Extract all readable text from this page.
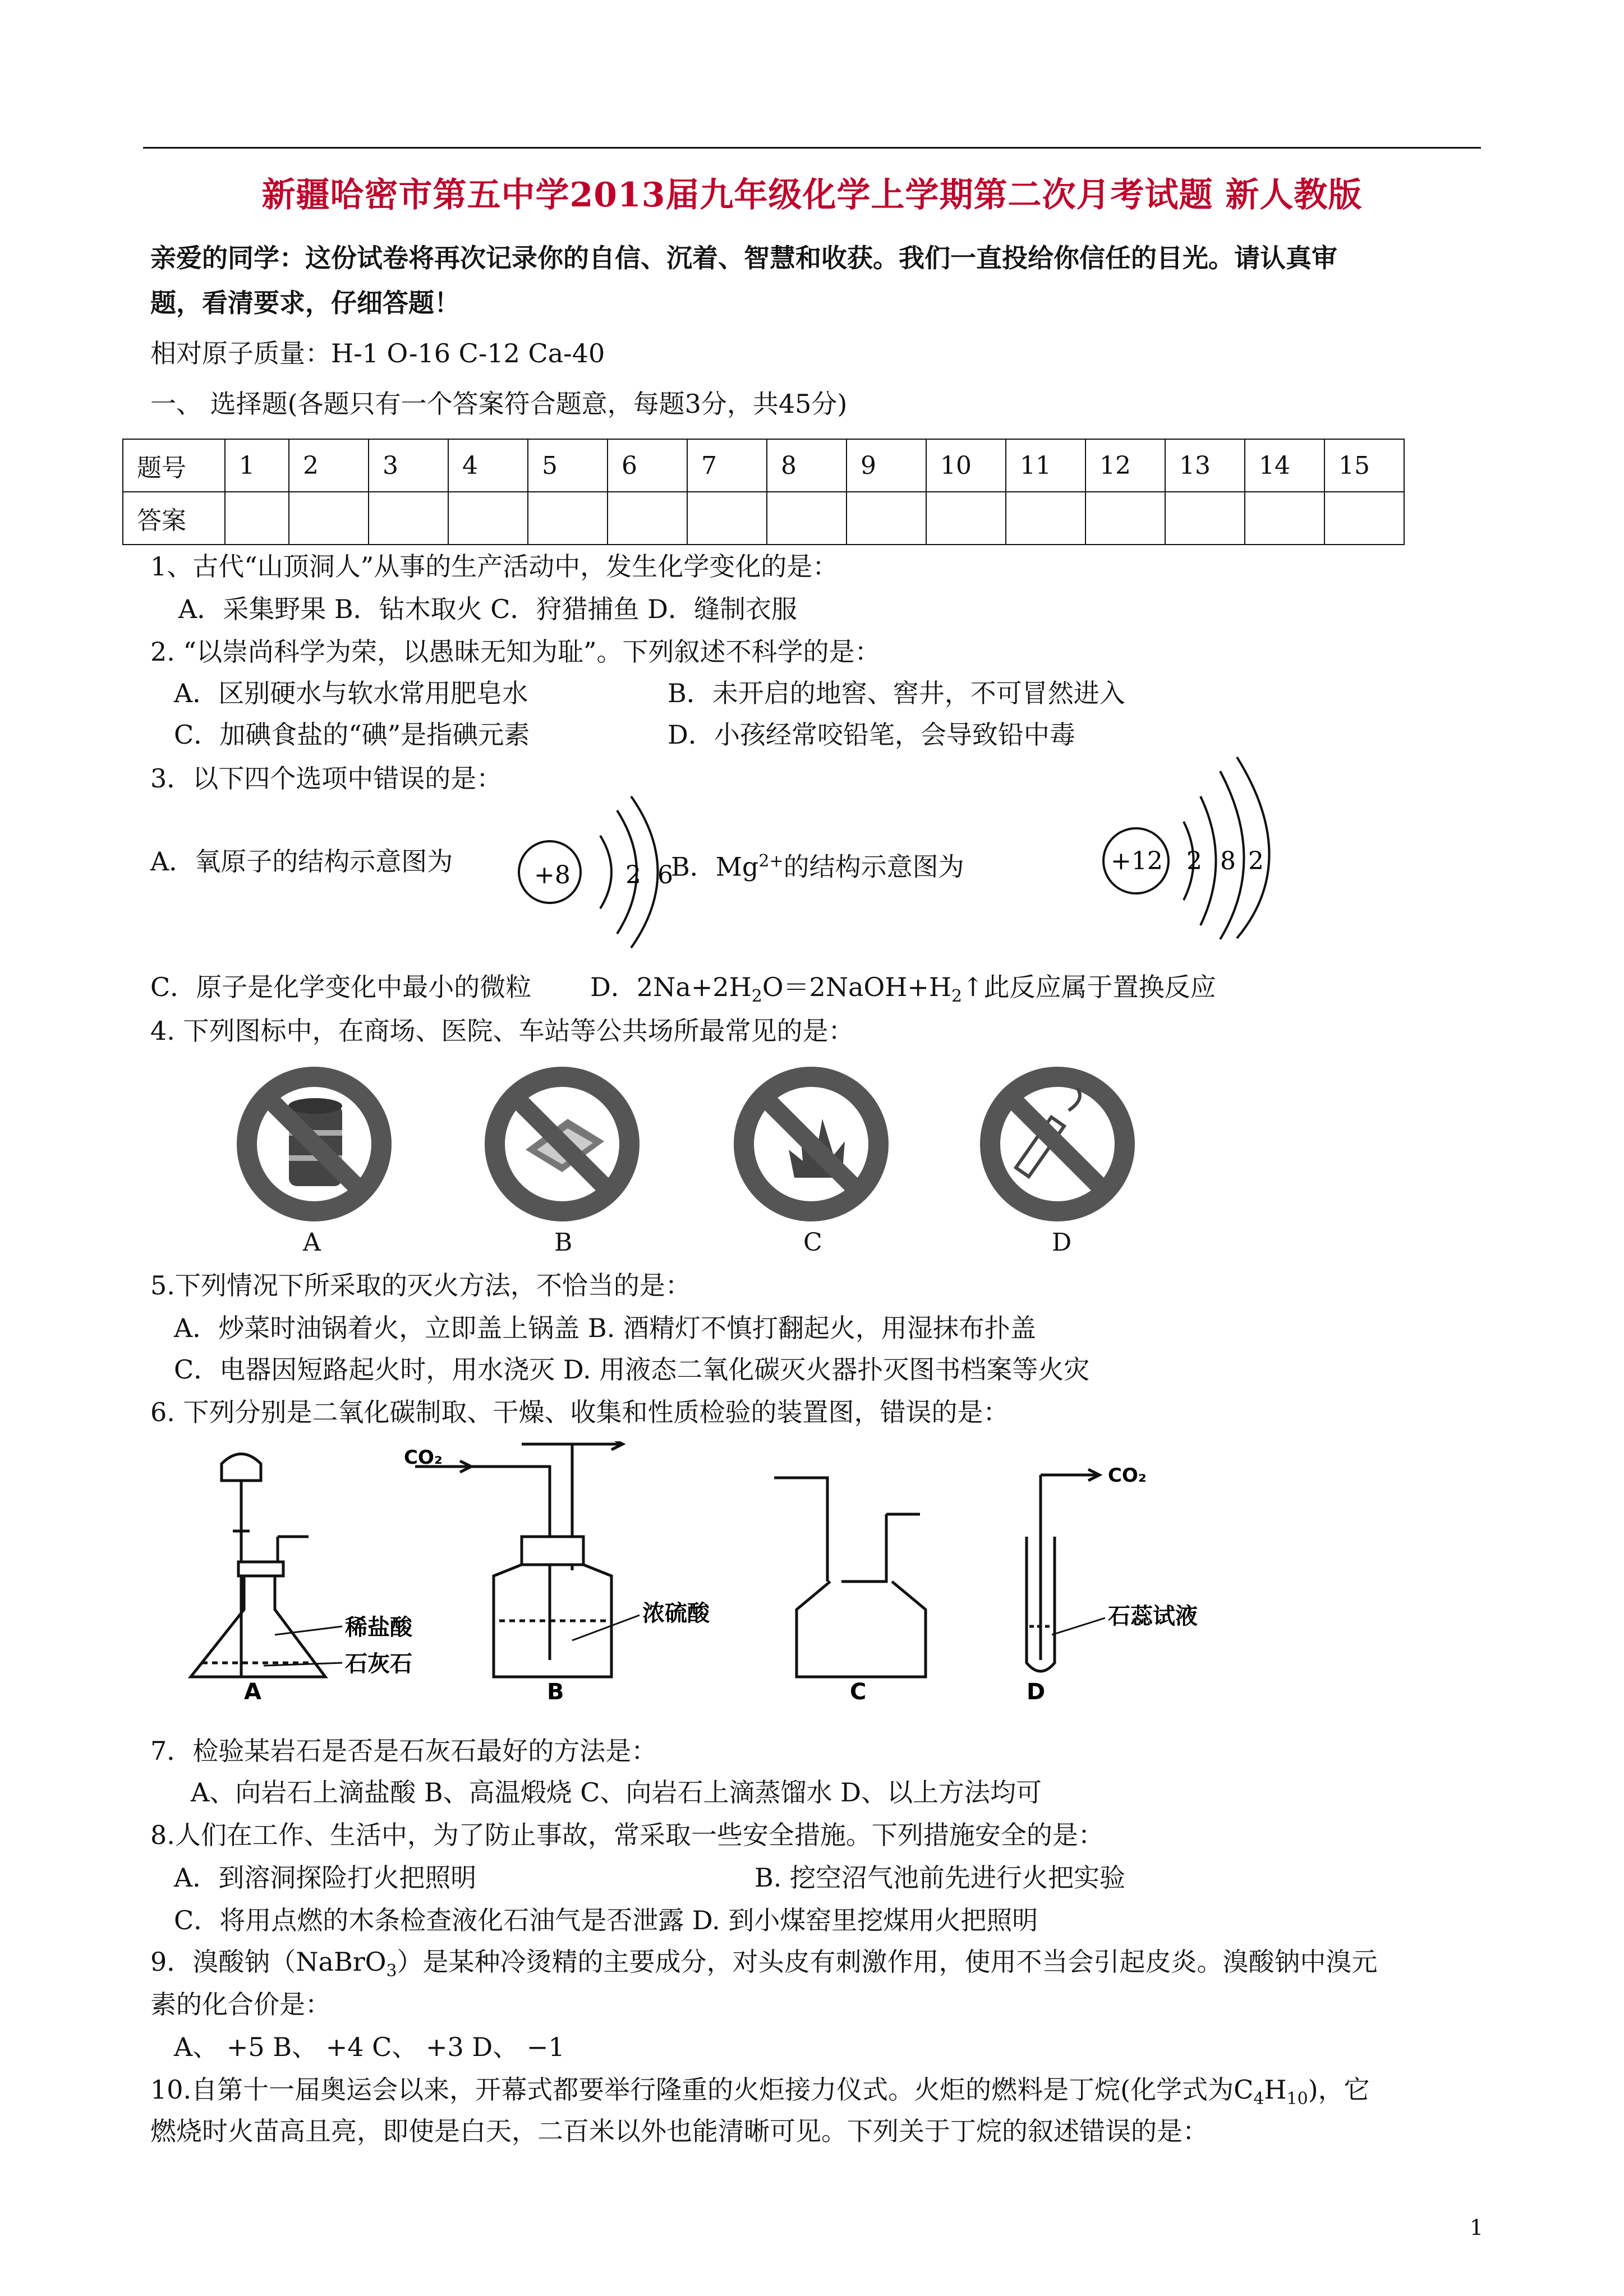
新疆哈密市第五中学2013届九年级化学上学期第二次月考试题 新人教版
亲爱的同学：这份试卷将再次记录你的自信、沉着、智慧和收获。我们一直投给你信任的目光。请认真审
题，看清要求，仔细答题！
相对原子质量：H-1 O-16 C-12 Ca-40
一、 选择题(各题只有一个答案符合题意，每题3分，共45分)
题号	1	2	3	4	5	6	7	8	9	10	11	12	13	14	15
答案															
1、古代“山顶洞人”从事的生产活动中，发生化学变化的是：
A．采集野果 B．钻木取火 C．狩猎捕鱼 D．缝制衣服
2. “以崇尚科学为荣，以愚昧无知为耻”。下列叙述不科学的是：
A．区别硬水与软水常用肥皂水	B．未开启的地窖、窖井，不可冒然进入
C．加碘食盐的“碘”是指碘元素	D．小孩经常咬铅笔，会导致铅中毒
3．以下四个选项中错误的是：
A．氧原子的结构示意图为	B．$Mg^{2+}$的结构示意图为
+8 2 6	+12 2 8 2
C．原子是化学变化中最小的微粒 D．$2Na+2H_2O=2NaOH+H_2↑$此反应属于置换反应
4. 下列图标中，在商场、医院、车站等公共场所最常见的是：
A	B	C	D
5.下列情况下所采取的灭火方法，不恰当的是：
A．炒菜时油锅着火，立即盖上锅盖 B. 酒精灯不慎打翻起火，用湿抹布扑盖
C．电器因短路起火时，用水浇灭 D. 用液态二氧化碳灭火器扑灭图书档案等火灾
6. 下列分别是二氧化碳制取、干燥、收集和性质检验的装置图，错误的是：
稀盐酸
石灰石
A
CO₂
浓硫酸
B	C
CO₂
石蕊试液
D
7．检验某岩石是否是石灰石最好的方法是：
A、向岩石上滴盐酸 B、高温煅烧 C、向岩石上滴蒸馏水 D、以上方法均可
8.人们在工作、生活中，为了防止事故，常采取一些安全措施。下列措施安全的是：
A．到溶洞探险打火把照明	B. 挖空沼气池前先进行火把实验
C．将用点燃的木条检查液化石油气是否泄露 D. 到小煤窑里挖煤用火把照明
9．溴酸钠（NaBrO$_3$）是某种冷烫精的主要成分，对头皮有刺激作用，使用不当会引起皮炎。溴酸钠中溴元
素的化合价是：
A、 +5 B、 +4 C、 +3 D、 −1
10.自第十一届奥运会以来，开幕式都要举行隆重的火炬接力仪式。火炬的燃料是丁烷(化学式为$C_4H_{10}$)，它
燃烧时火苗高且亮，即使是白天，二百米以外也能清晰可见。下列关于丁烷的叙述错误的是：
1
